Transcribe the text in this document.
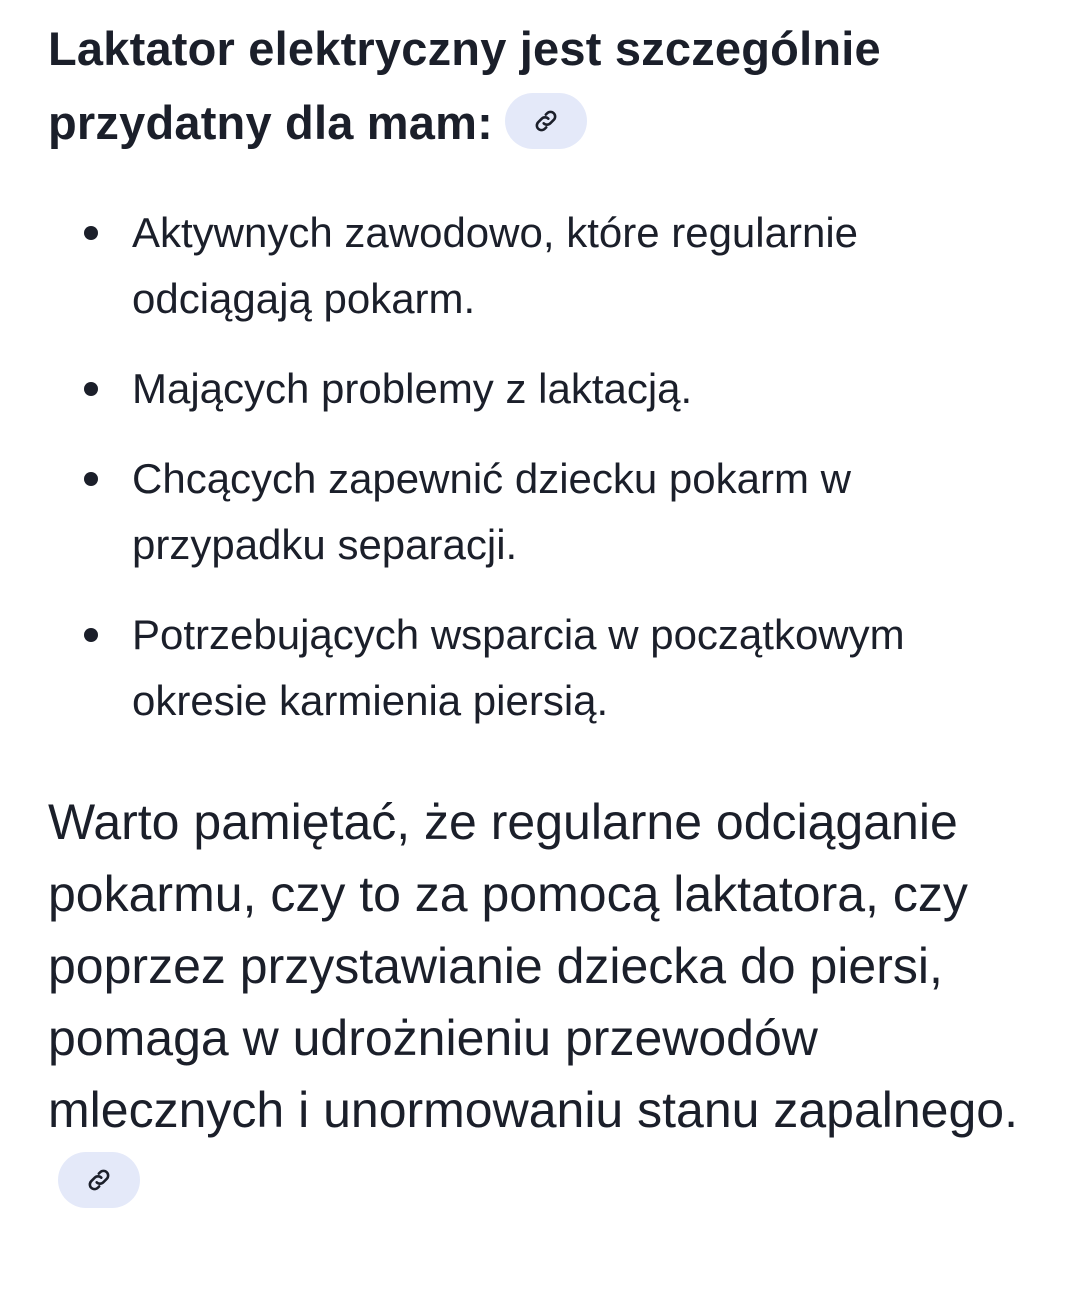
Laktator elektryczny jest szczególnie przydatny dla mam:
Aktywnych zawodowo, które regularnie odciągają pokarm.
Mających problemy z laktacją.
Chcących zapewnić dziecku pokarm w przypadku separacji.
Potrzebujących wsparcia w początkowym okresie karmienia piersią.

Warto pamiętać, że regularne odciąganie pokarmu, czy to za pomocą laktatora, czy poprzez przystawianie dziecka do piersi, pomaga w udrożnieniu przewodów mlecznych i unormowaniu stanu zapalnego.
